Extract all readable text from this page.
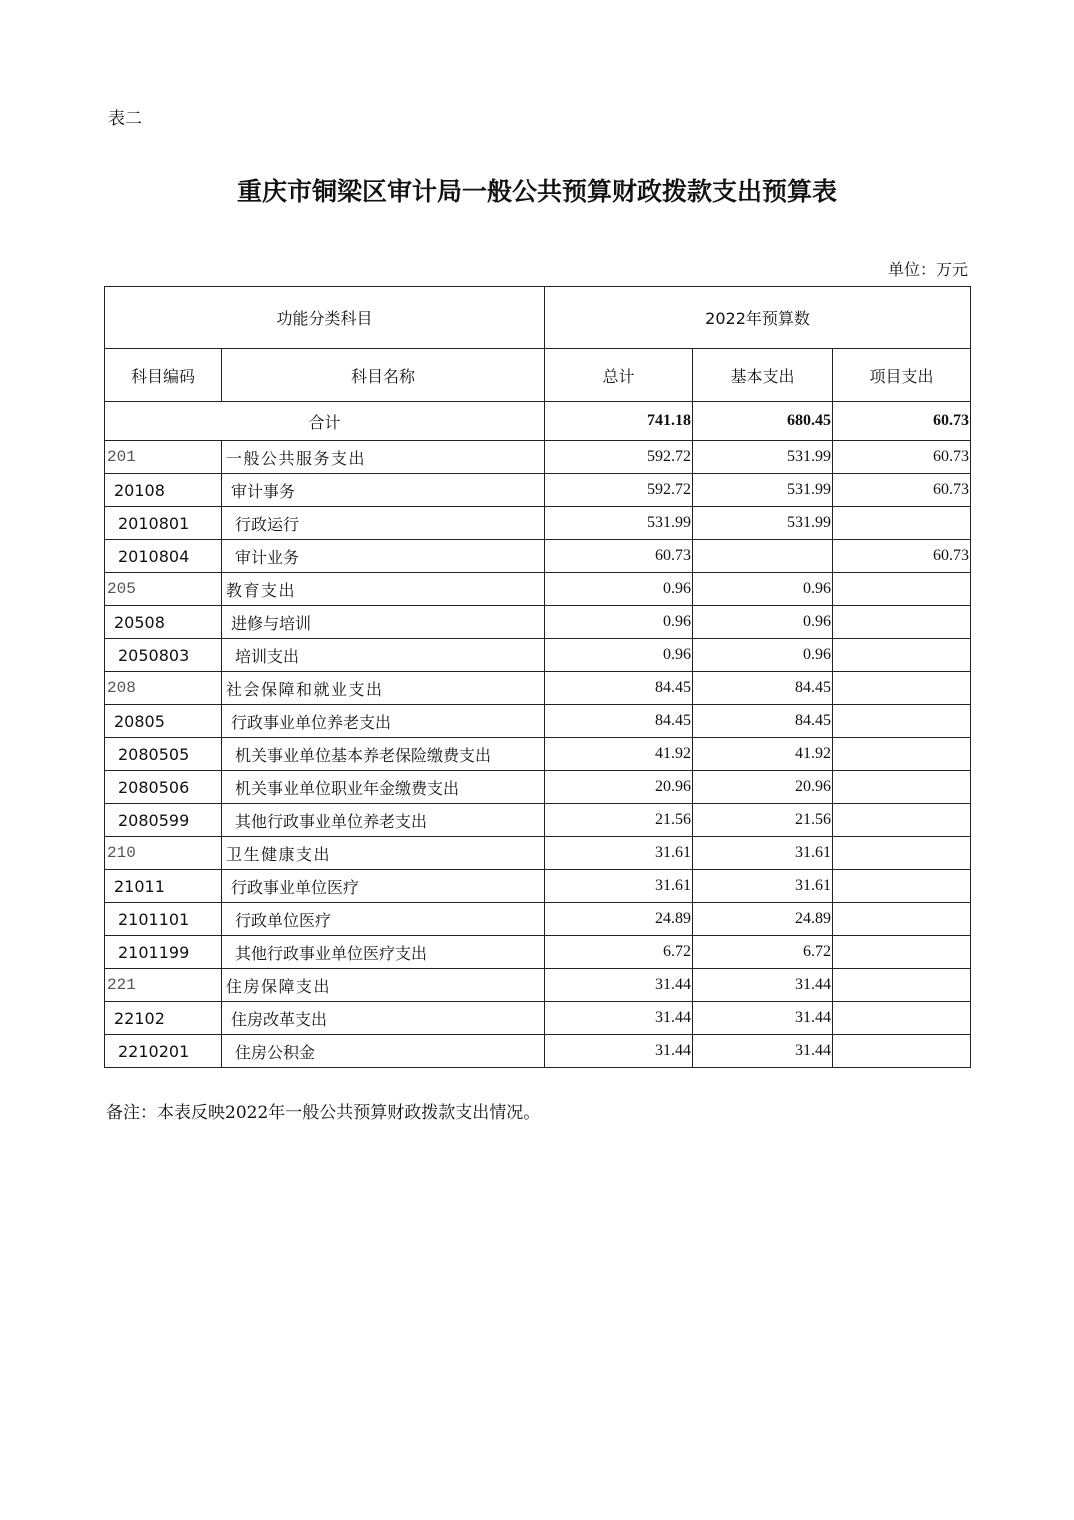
表二
重庆市铜梁区审计局一般公共预算财政拨款支出预算表
单位：万元
功能分类科目		2022年预算数		
科目编码	科目名称	总计	基本支出	项目支出
合计		741.18	680.45	60.73
201	一般公共服务支出	592.72	531.99	60.73
20108	审计事务	592.72	531.99	60.73
2010801	行政运行	531.99	531.99	
2010804	审计业务	60.73		60.73
205	教育支出	0.96	0.96	
20508	进修与培训	0.96	0.96	
2050803	培训支出	0.96	0.96	
208	社会保障和就业支出	84.45	84.45	
20805	行政事业单位养老支出	84.45	84.45	
2080505	机关事业单位基本养老保险缴费支出	41.92	41.92	
2080506	机关事业单位职业年金缴费支出	20.96	20.96	
2080599	其他行政事业单位养老支出	21.56	21.56	
210	卫生健康支出	31.61	31.61	
21011	行政事业单位医疗	31.61	31.61	
2101101	行政单位医疗	24.89	24.89	
2101199	其他行政事业单位医疗支出	6.72	6.72	
221	住房保障支出	31.44	31.44	
22102	住房改革支出	31.44	31.44	
2210201	住房公积金	31.44	31.44	
备注：本表反映2022年一般公共预算财政拨款支出情况。
